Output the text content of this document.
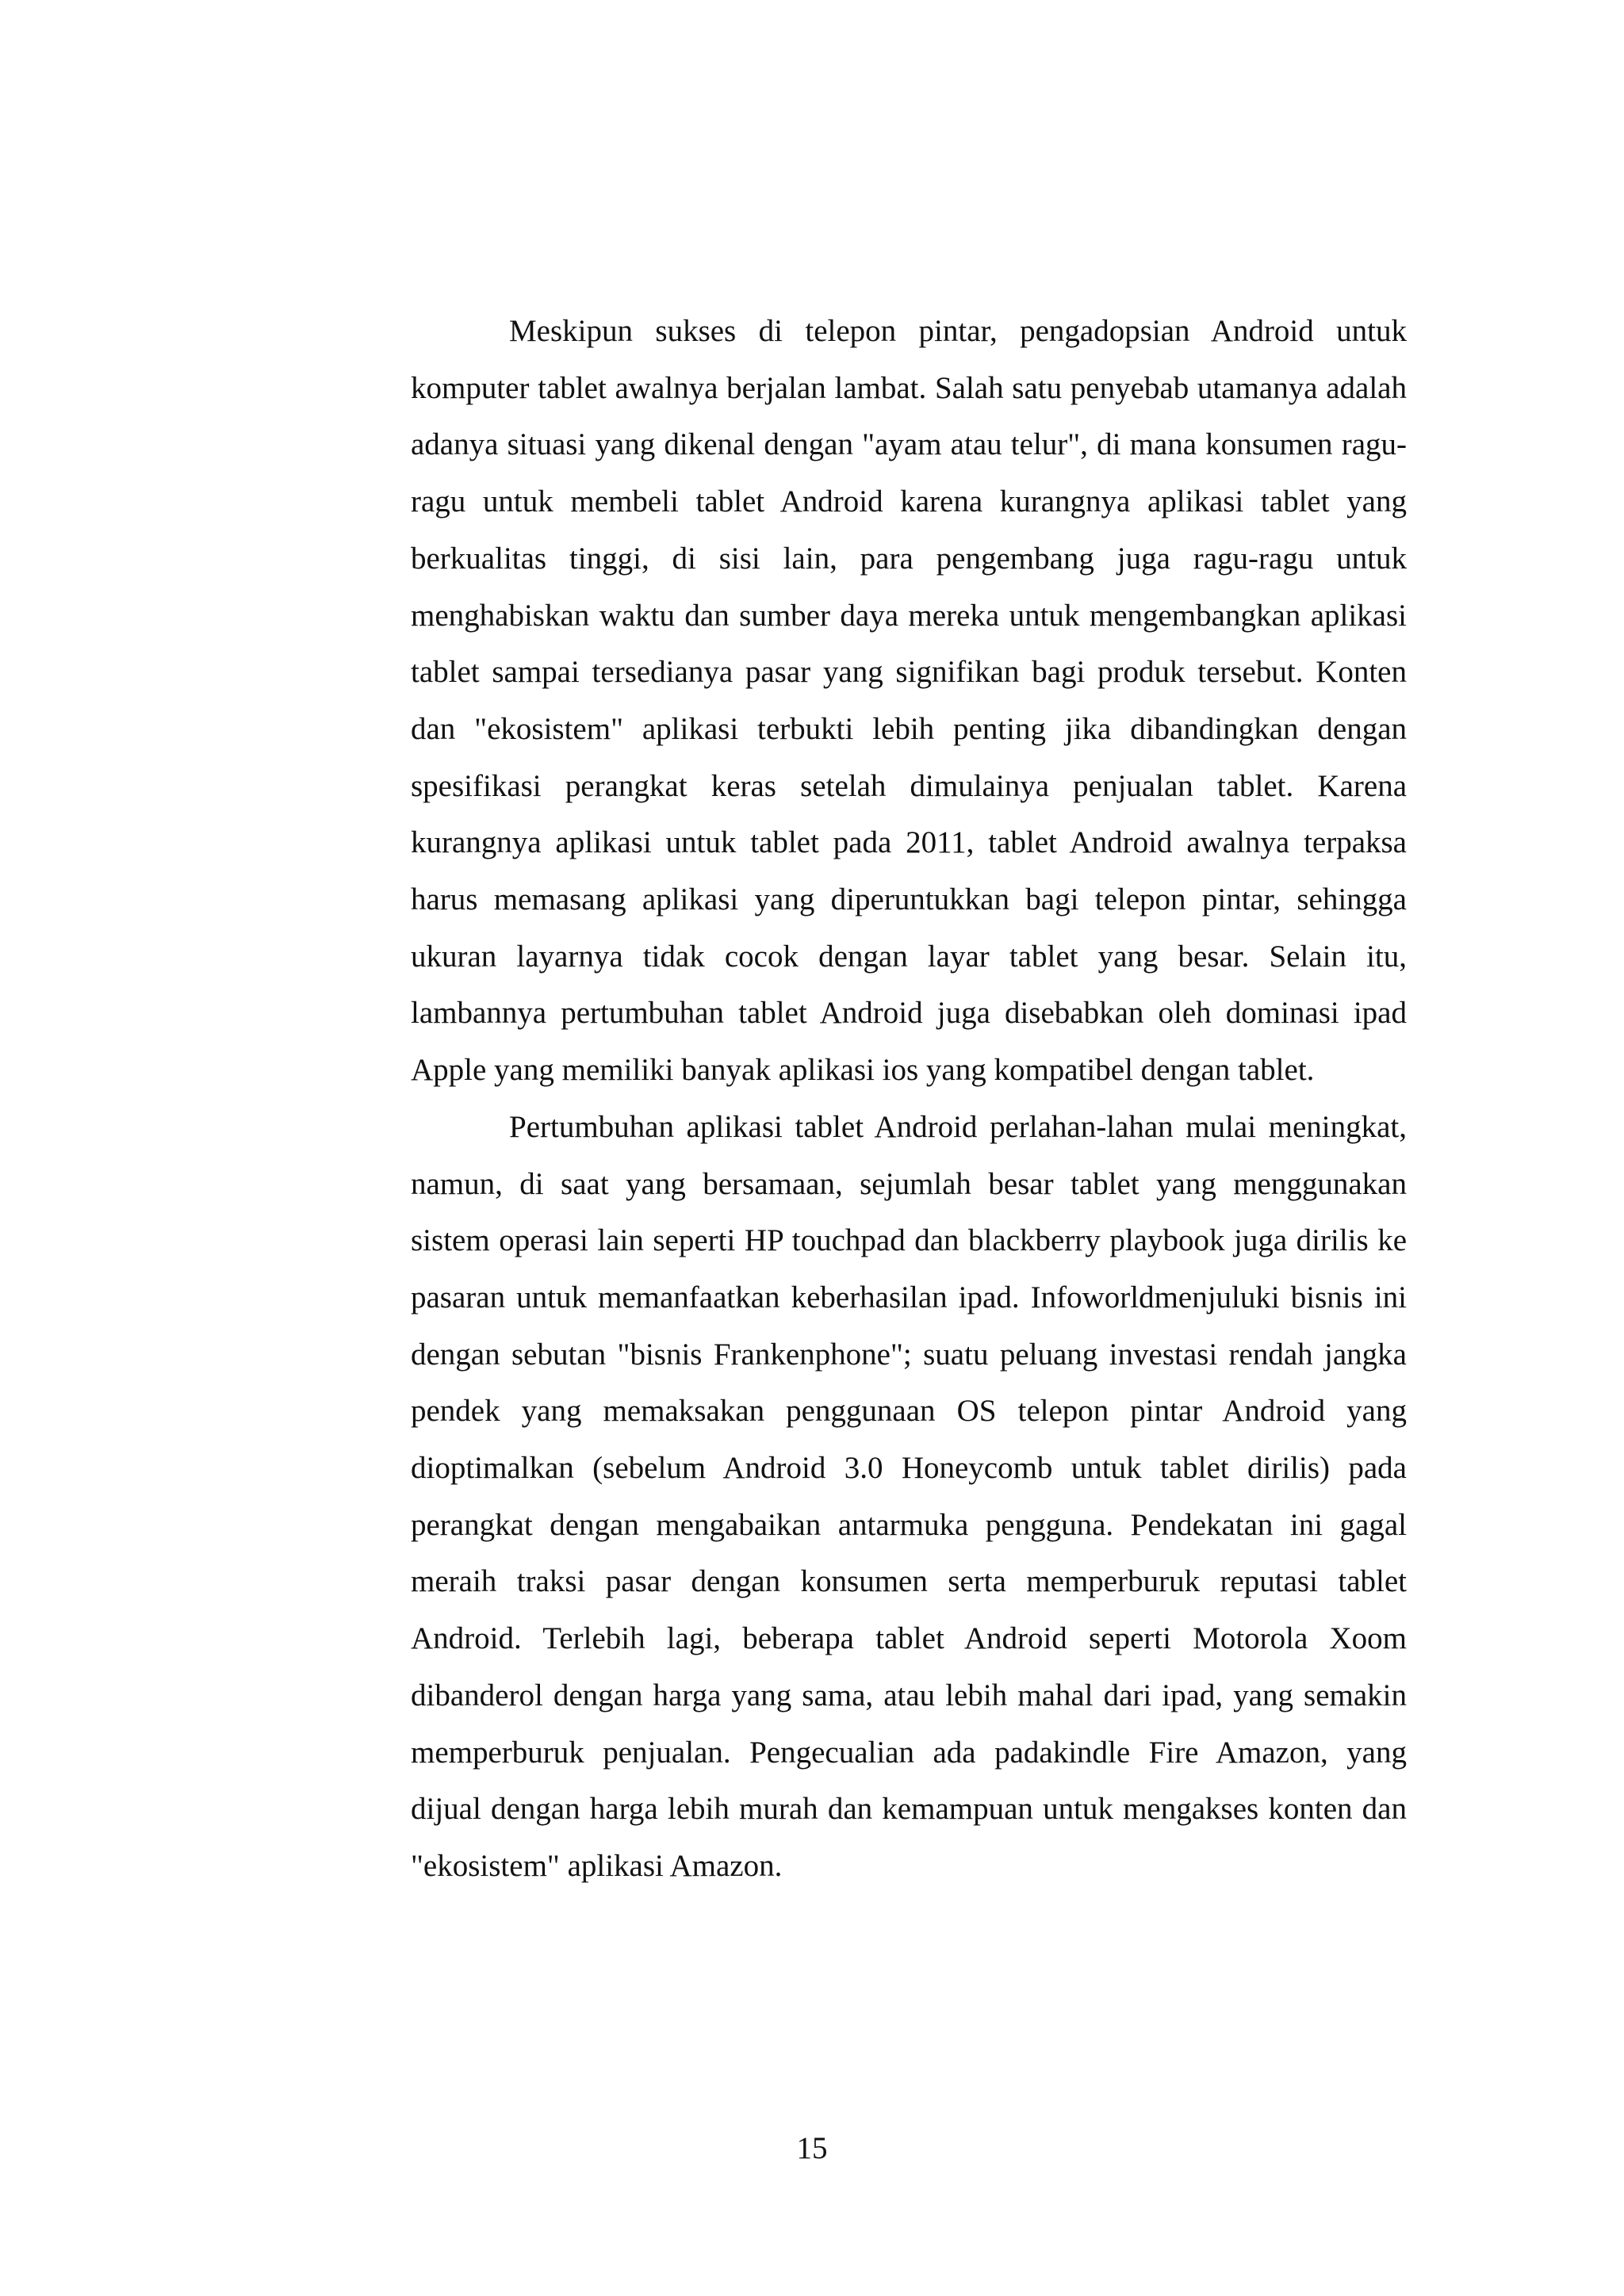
Meskipun sukses di telepon pintar, pengadopsian Android untuk komputer tablet awalnya berjalan lambat. Salah satu penyebab utamanya adalah adanya situasi yang dikenal dengan "ayam atau telur", di mana konsumen ragu-ragu untuk membeli tablet Android karena kurangnya aplikasi tablet yang berkualitas tinggi, di sisi lain, para pengembang juga ragu-ragu untuk menghabiskan waktu dan sumber daya mereka untuk mengembangkan aplikasi tablet sampai tersedianya pasar yang signifikan bagi produk tersebut. Konten dan "ekosistem" aplikasi terbukti lebih penting jika dibandingkan dengan spesifikasi perangkat keras setelah dimulainya penjualan tablet. Karena kurangnya aplikasi untuk tablet pada 2011, tablet Android awalnya terpaksa harus memasang aplikasi yang diperuntukkan bagi telepon pintar, sehingga ukuran layarnya tidak cocok dengan layar tablet yang besar. Selain itu, lambannya pertumbuhan tablet Android juga disebabkan oleh dominasi ipad Apple yang memiliki banyak aplikasi ios yang kompatibel dengan tablet.

Pertumbuhan aplikasi tablet Android perlahan-lahan mulai meningkat, namun, di saat yang bersamaan, sejumlah besar tablet yang menggunakan sistem operasi lain seperti HP touchpad dan blackberry playbook juga dirilis ke pasaran untuk memanfaatkan keberhasilan ipad. Infoworldmenjuluki bisnis ini dengan sebutan "bisnis Frankenphone"; suatu peluang investasi rendah jangka pendek yang memaksakan penggunaan OS telepon pintar Android yang dioptimalkan (sebelum Android 3.0 Honeycomb untuk tablet dirilis) pada perangkat dengan mengabaikan antarmuka pengguna. Pendekatan ini gagal meraih traksi pasar dengan konsumen serta memperburuk reputasi tablet Android. Terlebih lagi, beberapa tablet Android seperti Motorola Xoom dibanderol dengan harga yang sama, atau lebih mahal dari ipad, yang semakin memperburuk penjualan. Pengecualian ada padakindle Fire Amazon, yang dijual dengan harga lebih murah dan kemampuan untuk mengakses konten dan "ekosistem" aplikasi Amazon.

15
